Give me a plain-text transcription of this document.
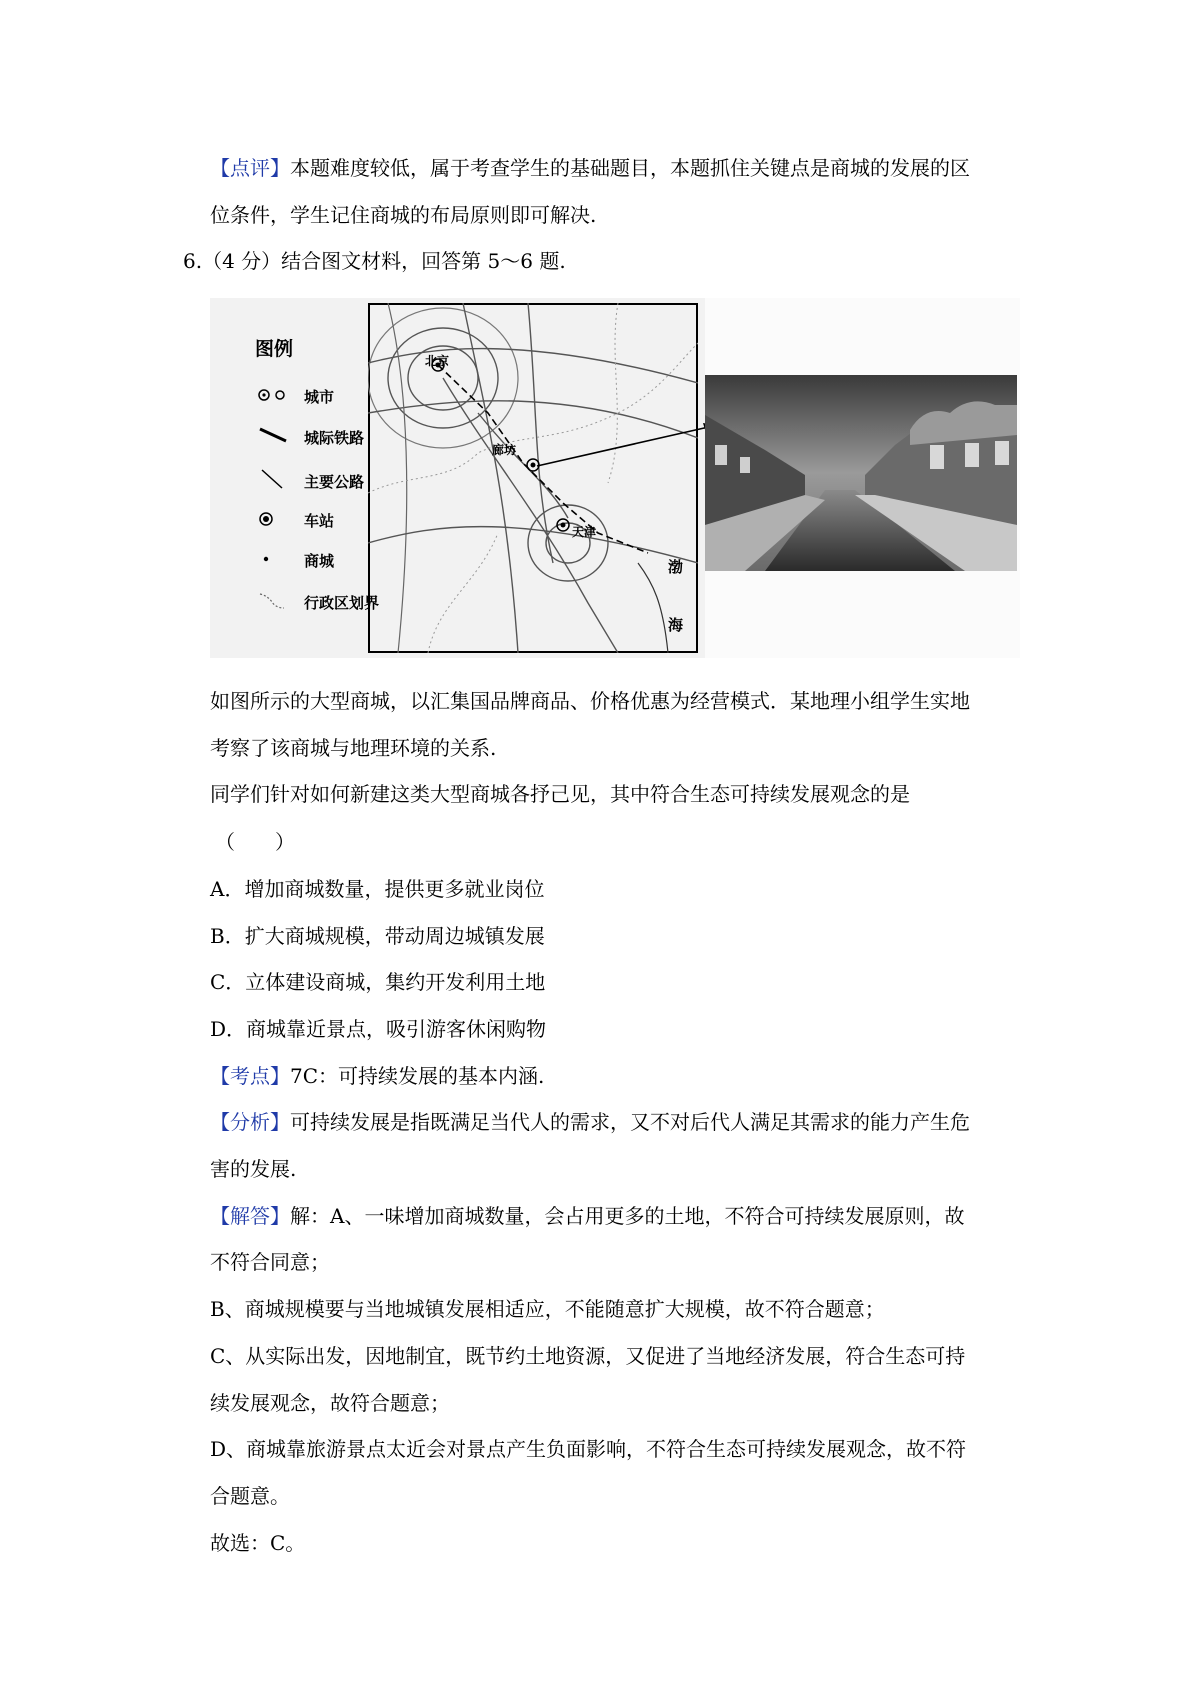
【点评】本题难度较低，属于考查学生的基础题目，本题抓住关键点是商城的发展的区
位条件，学生记住商城的布局原则即可解决.
6.（4 分）结合图文材料，回答第 5～6 题.
图例
城市
城际铁路
主要公路
车站
商城
行政区划界
北京
廊坊
天津
渤
海
如图所示的大型商城，以汇集国品牌商品、价格优惠为经营模式．某地理小组学生实地
考察了该商城与地理环境的关系.
同学们针对如何新建这类大型商城各抒己见，其中符合生态可持续发展观念的是
（　　）
A．增加商城数量，提供更多就业岗位
B．扩大商城规模，带动周边城镇发展
C．立体建设商城，集约开发利用土地
D．商城靠近景点，吸引游客休闲购物
【考点】7C：可持续发展的基本内涵.
【分析】可持续发展是指既满足当代人的需求，又不对后代人满足其需求的能力产生危
害的发展.
【解答】解：A、一味增加商城数量，会占用更多的土地，不符合可持续发展原则，故
不符合同意；
B、商城规模要与当地城镇发展相适应，不能随意扩大规模，故不符合题意；
C、从实际出发，因地制宜，既节约土地资源，又促进了当地经济发展，符合生态可持
续发展观念，故符合题意；
D、商城靠旅游景点太近会对景点产生负面影响，不符合生态可持续发展观念，故不符
合题意。
故选：C。
